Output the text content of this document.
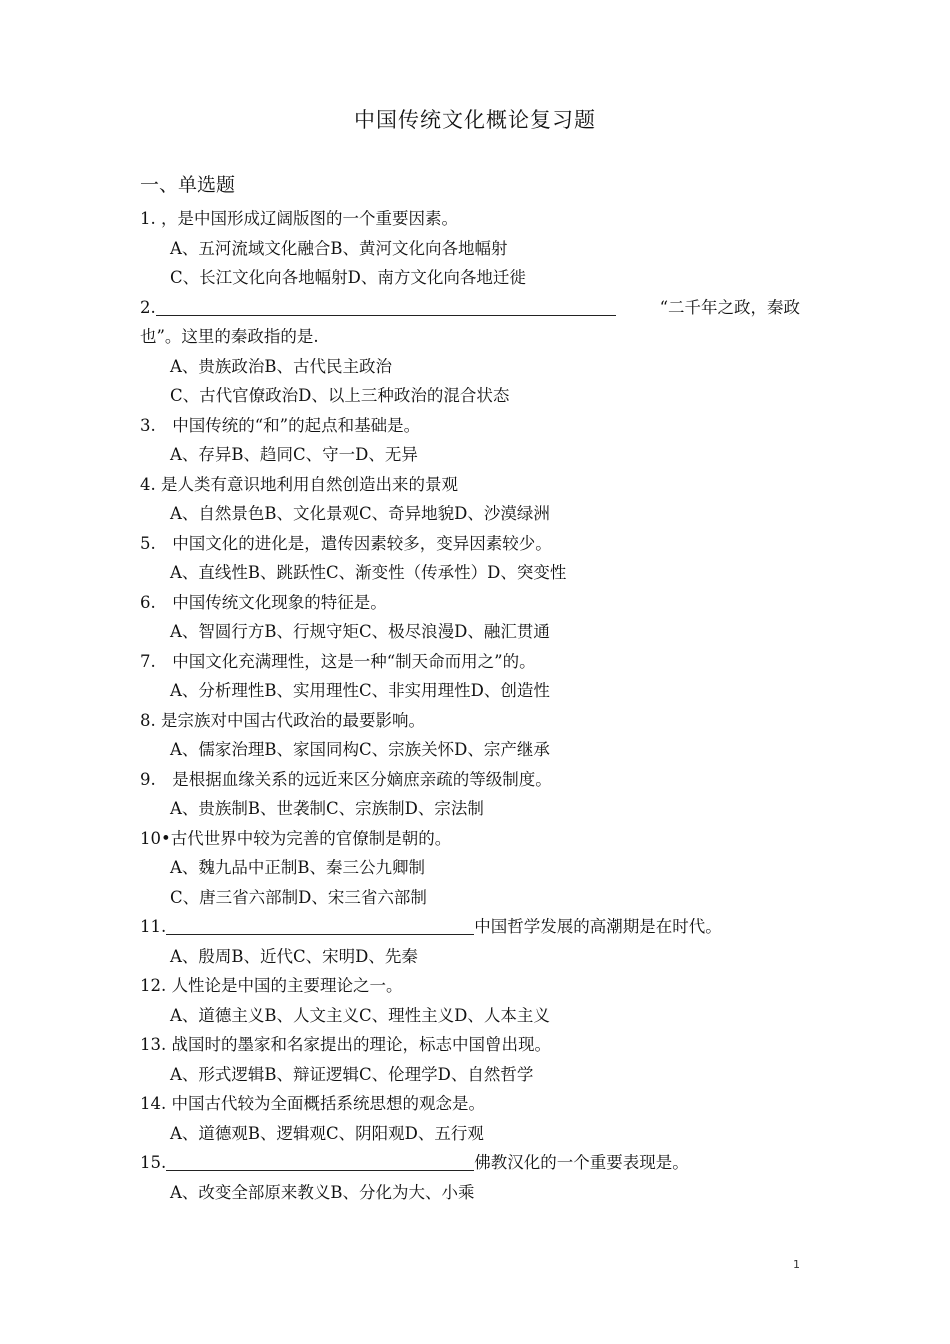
中国传统文化概论复习题
一、单选题
1. ，是中国形成辽阔版图的一个重要因素。
A、五河流域文化融合B、黄河文化向各地幅射
C、长江文化向各地幅射D、南方文化向各地迁徙
2.	“二千年之政，秦政
也”。这里的秦政指的是.
A、贵族政治B、古代民主政治
C、古代官僚政治D、以上三种政治的混合状态
3.　中国传统的“和”的起点和基础是。
A、存异B、趋同C、守一D、无异
4. 是人类有意识地利用自然创造出来的景观
A、自然景色B、文化景观C、奇异地貌D、沙漠绿洲
5.　中国文化的进化是，遣传因素较多，变异因素较少。
A、直线性B、跳跃性C、渐变性（传承性）D、突变性
6.　中国传统文化现象的特征是。
A、智圆行方B、行规守矩C、极尽浪漫D、融汇贯通
7.　中国文化充满理性，这是一种“制天命而用之”的。
A、分析理性B、实用理性C、非实用理性D、创造性
8. 是宗族对中国古代政治的最要影响。
A、儒家治理B、家国同构C、宗族关怀D、宗产继承
9.　是根据血缘关系的远近来区分嫡庶亲疏的等级制度。
A、贵族制B、世袭制C、宗族制D、宗法制
10•古代世界中较为完善的官僚制是朝的。
A、魏九品中正制B、秦三公九卿制
C、唐三省六部制D、宋三省六部制
11.	中国哲学发展的高潮期是在时代。
A、殷周B、近代C、宋明D、先秦
12. 人性论是中国的主要理论之一。
A、道德主义B、人文主义C、理性主义D、人本主义
13. 战国时的墨家和名家提出的理论，标志中国曾出现。
A、形式逻辑B、辩证逻辑C、伦理学D、自然哲学
14. 中国古代较为全面概括系统思想的观念是。
A、道德观B、逻辑观C、阴阳观D、五行观
15.	佛教汉化的一个重要表现是。
A、改变全部原来教义B、分化为大、小乘
1
